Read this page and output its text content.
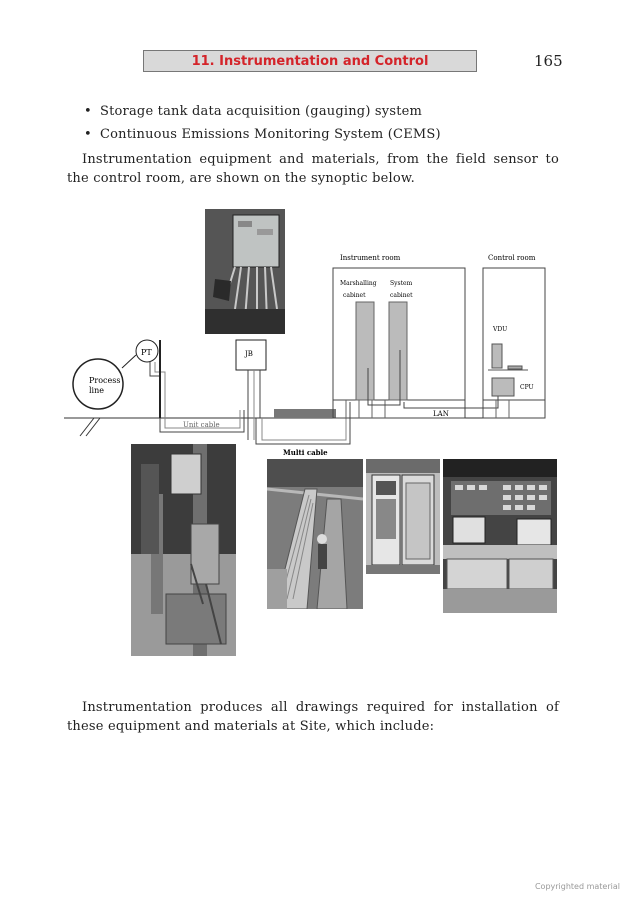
11. Instrumentation and Control	165
• Storage tank data acquisition (gauging) system
• Continuous Emissions Monitoring System (CEMS)
Instrumentation equipment and materials, from the field sensor to the control room, are shown on the synoptic below.
Process
line
PT
Unit cable
JB
Multi cable
Instrument room
Marshalling
cabinet
System
cabinet
LAN
Control room
VDU
CPU
Instrumentation produces all drawings required for installation of these equipment and materials at Site, which include:
Copyrighted material
